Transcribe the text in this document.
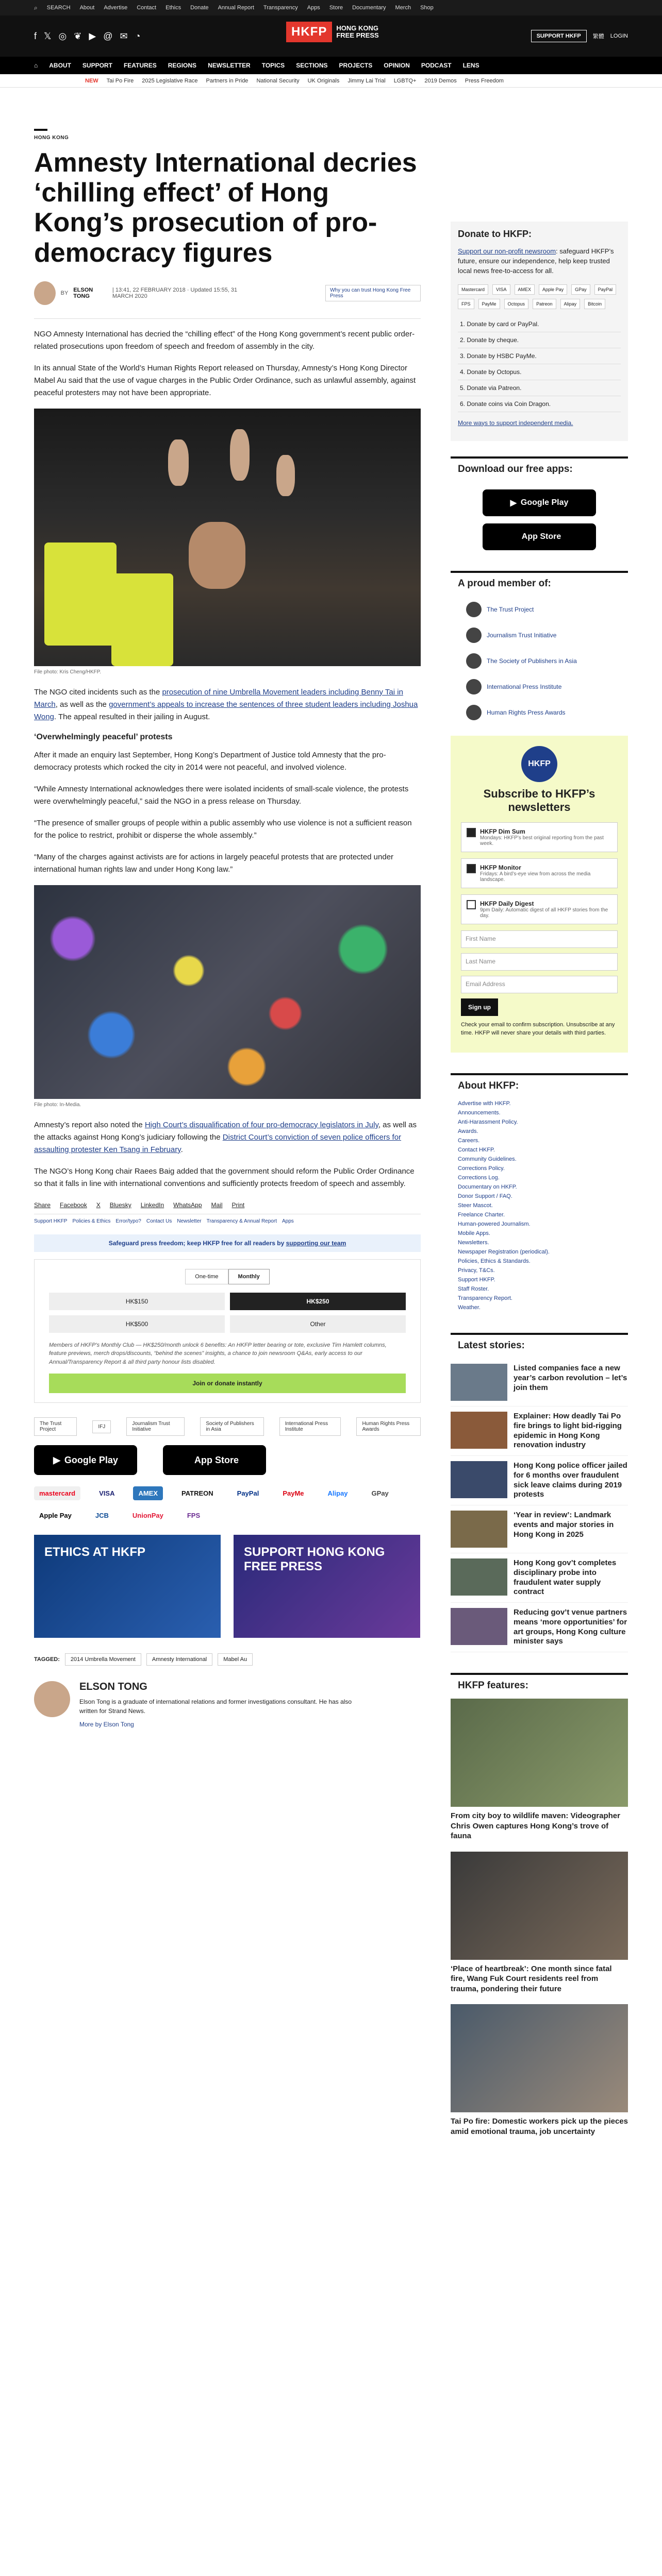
⌕ SEARCH About Advertise Contact Ethics Donate Annual Report Transparency Apps Store Documentary Merch Shop
f 𝕏 ◎ ❦ ▶ @ ✉ ◔	HKFP	HONG KONG
FREE PRESS	SUPPORT HKFP	繁體 LOGIN
⌂ ABOUT SUPPORT FEATURES REGIONS NEWSLETTER TOPICS SECTIONS PROJECTS OPINION PODCAST LENS
NEW Tai Po Fire 2025 Legislative Race Partners in Pride National Security UK Originals Jimmy Lai Trial LGBTQ+ 2019 Demos Press Freedom
HONG KONG
Amnesty International decries ‘chilling effect’ of Hong Kong’s prosecution of pro-democracy figures
BY ELSON TONG
| 13:41, 22 FEBRUARY 2018 · Updated 15:55, 31 MARCH 2020
Why you can trust Hong Kong Free Press

NGO Amnesty International has decried the “chilling effect” of the Hong Kong government’s recent public order-related prosecutions upon freedom of speech and freedom of assembly in the city.

In its annual State of the World’s Human Rights Report released on Thursday, Amnesty’s Hong Kong Director Mabel Au said that the use of vague charges in the Public Order Ordinance, such as unlawful assembly, against peaceful protesters may not have been appropriate.

File photo: Kris Cheng/HKFP.

The NGO cited incidents such as the prosecution of nine Umbrella Movement leaders including Benny Tai in March, as well as the government’s appeals to increase the sentences of three student leaders including Joshua Wong. The appeal resulted in their jailing in August.

‘Overwhelmingly peaceful’ protests

After it made an enquiry last September, Hong Kong’s Department of Justice told Amnesty that the pro-democracy protests which rocked the city in 2014 were not peaceful, and involved violence.

“While Amnesty International acknowledges there were isolated incidents of small-scale violence, the protests were overwhelmingly peaceful,” said the NGO in a press release on Thursday.

“The presence of smaller groups of people within a public assembly who use violence is not a sufficient reason for the police to restrict, prohibit or disperse the whole assembly.”

“Many of the charges against activists are for actions in largely peaceful protests that are protected under international human rights law and under Hong Kong law.”

File photo: In-Media.

Amnesty’s report also noted the High Court’s disqualification of four pro-democracy legislators in July, as well as the attacks against Hong Kong’s judiciary following the District Court’s conviction of seven police officers for assaulting protester Ken Tsang in February.

The NGO’s Hong Kong chair Raees Baig added that the government should reform the Public Order Ordinance so that it falls in line with international conventions and sufficiently protects freedom of speech and assembly.

Share Facebook X Bluesky LinkedIn WhatsApp Mail Print
Support HKFP Policies & Ethics Error/typo? Contact Us Newsletter Transparency & Annual Report Apps
Safeguard press freedom; keep HKFP free for all readers by supporting our team
One-time	Monthly
HK$150	HK$250
HK$500	Other
Members of HKFP's Monthly Club — HK$250/month unlock 6 benefits: An HKFP letter bearing or tote, exclusive Tim Hamlett columns, feature previews, merch drops/discounts, “behind the scenes” insights, a chance to join newsroom Q&As, early access to our Annual/Transparency Report & all third party honour lists disabled.
Join or donate instantly
The Trust Project	IFJ	Journalism Trust Initiative
Society of Publishers in Asia
International Press Institute
Human Rights Press Awards
▶ Google Play	App Store
mastercard	VISA	AMEX	PATREON	PayPal	PayMe	Alipay	GPay
Apple Pay	JCB	UnionPay	FPS
ETHICS AT HKFP	SUPPORT HONG KONG FREE PRESS
TAGGED:	2014 Umbrella Movement	Amnesty International	Mabel Au
ELSON TONG
Elson Tong is a graduate of international relations and former investigations consultant. He has also written for Strand News.
More by Elson Tong
Donate to HKFP:

Support our non-profit newsroom: safeguard HKFP’s future, ensure our independence, help keep trusted local news free-to-access for all.

Mastercard	VISA	AMEX	Apple Pay	GPay	PayPal
FPS	PayMe	Octopus	Patreon	Alipay	Bitcoin
1. Donate by card or PayPal.
2. Donate by cheque.
3. Donate by HSBC PayMe.
4. Donate by Octopus.
5. Donate via Patreon.
6. Donate coins via Coin Dragon.
More ways to support independent media.
Download our free apps:
▶ Google Play
App Store
A proud member of:
The Trust Project
Journalism Trust Initiative
The Society of Publishers in Asia
International Press Institute
Human Rights Press Awards
HKFP
Subscribe to HKFP’s newsletters
HKFP Dim Sum
Mondays: HKFP’s best original reporting from the past week.
HKFP Monitor
Fridays: A bird’s-eye view from across the media landscape.
HKFP Daily Digest
9pm Daily: Automatic digest of all HKFP stories from the day.
First Name
Last Name
Email Address
Sign up
Check your email to confirm subscription. Unsubscribe at any time. HKFP will never share your details with third parties.
About HKFP:
Advertise with HKFP.
Announcements.
Anti-Harassment Policy.
Awards.
Careers.
Contact HKFP.
Community Guidelines.
Corrections Policy.
Corrections Log.
Documentary on HKFP.
Donor Support / FAQ.
Steer Mascot.
Freelance Charter.
Human-powered Journalism.
Mobile Apps.
Newsletters.
Newspaper Registration (periodical).
Policies, Ethics & Standards.
Privacy, T&Cs.
Support HKFP.
Staff Roster.
Transparency Report.
Weather.
Latest stories:
Listed companies face a new year’s carbon revolution – let’s join them
Explainer: How deadly Tai Po fire brings to light bid-rigging epidemic in Hong Kong renovation industry
Hong Kong police officer jailed for 6 months over fraudulent sick leave claims during 2019 protests
‘Year in review’: Landmark events and major stories in Hong Kong in 2025
Hong Kong gov’t completes disciplinary probe into fraudulent water supply contract
Reducing gov’t venue partners means ‘more opportunities’ for art groups, Hong Kong culture minister says
HKFP features:
From city boy to wildlife maven: Videographer Chris Owen captures Hong Kong’s trove of fauna
‘Place of heartbreak’: One month since fatal fire, Wang Fuk Court residents reel from trauma, pondering their future
Tai Po fire: Domestic workers pick up the pieces amid emotional trauma, job uncertainty
